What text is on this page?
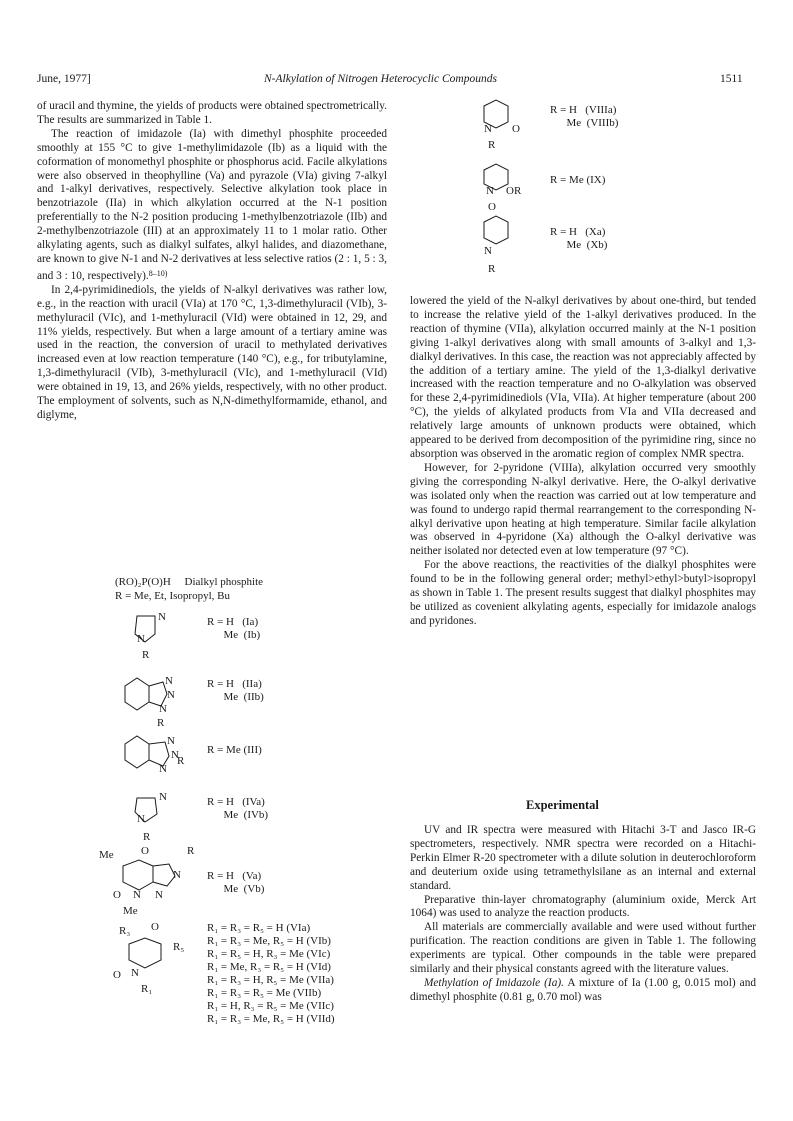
June, 1977]	N-Alkylation of Nitrogen Heterocyclic Compounds	1511

of uracil and thymine, the yields of products were obtained spectrometrically. The results are summarized in Table 1.

The reaction of imidazole (Ia) with dimethyl phosphite proceeded smoothly at 155 °C to give 1-methylimidazole (Ib) as a liquid with the coformation of monomethyl phosphite or phosphorus acid. Facile alkylations were also observed in theophylline (Va) and pyrazole (VIa) giving 7-alkyl and 1-alkyl derivatives, respectively. Selective alkylation took place in benzotriazole (IIa) in which alkylation occurred at the N-1 position preferentially to the N-2 position producing 1-methylbenzotriazole (IIb) and 2-methylbenzotriazole (III) at an approximately 11 to 1 molar ratio. Other alkylating agents, such as dialkyl sulfates, alkyl halides, and diazomethane, are known to give N-1 and N-2 derivatives at less selective ratios (2 : 1, 5 : 3, and 3 : 10, respectively).$^{8-10)}$

In 2,4-pyrimidinediols, the yields of N-alkyl derivatives was rather low, e.g., in the reaction with uracil (VIa) at 170 °C, 1,3-dimethyluracil (VIb), 3-methyluracil (VIc), and 1-methyluracil (VId) were obtained in 12, 29, and 11% yields, respectively. But when a large amount of a tertiary amine was used in the reaction, the conversion of uracil to methylated derivatives increased even at low reaction temperature (140 °C), e.g., for tributylamine, 1,3-dimethyluracil (VIb), 3-methyluracil (VIc), and 1-methyluracil (VId) were obtained in 19, 13, and 26% yields, respectively, with no other product. The employment of solvents, such as N,N-dimethylformamide, ethanol, and diglyme,

(RO)₂P(O)H     Dialkyl phosphite
R = Me, Et, Isopropyl, Bu
N
N
R
R = H   (Ia)
Me  (Ib)
N
N
N
R
R = H   (IIa)
Me  (IIb)
N
N
N
R
R = Me (III)
N
N
R
R = H   (IVa)
Me  (IVb)
Me O	R
O N N
N
Me
R = H   (Va)
Me  (Vb)
R₃ O
R₅
O N
R₁
R₁ = R₃ = R₅ = H (VIa)
R₁ = R₃ = Me, R₅ = H (VIb)
R₁ = R₅ = H, R₃ = Me (VIc)
R₁ = Me, R₃ = R₅ = H (VId)
R₁ = R₃ = H, R₅ = Me (VIIa)
R₁ = R₃ = R₅ = Me (VIIb)
R₁ = H, R₃ = R₅ = Me (VIIc)
R₁ = R₃ = Me, R₅ = H (VIId)
N O
R
R = H   (VIIIa)
Me  (VIIIb)
N OR
R = Me (IX)
O
N
R
R = H   (Xa)
Me  (Xb)

lowered the yield of the N-alkyl derivatives by about one-third, but tended to increase the relative yield of the 1-alkyl derivatives produced. In the reaction of thymine (VIIa), alkylation occurred mainly at the N-1 position giving 1-alkyl derivatives along with small amounts of 3-alkyl and 1,3-dialkyl derivatives. In this case, the reaction was not appreciably affected by the addition of a tertiary amine. The yield of the 1,3-dialkyl derivative increased with the reaction temperature and no O-alkylation was observed for these 2,4-pyrimidinediols (VIa, VIIa). At higher temperature (about 200 °C), the yields of alkylated products from VIa and VIIa decreased and relatively large amounts of unknown products were obtained, which appeared to be derived from decomposition of the pyrimidine ring, since no absorption was observed in the aromatic region of complex NMR spectra.

However, for 2-pyridone (VIIIa), alkylation occurred very smoothly giving the corresponding N-alkyl derivative. Here, the O-alkyl derivative was isolated only when the reaction was carried out at low temperature and was found to undergo rapid thermal rearrangement to the corresponding N-alkyl derivative upon heating at high temperature. Similar facile alkylation was observed in 4-pyridone (Xa) although the O-alkyl derivative was neither isolated nor detected even at low temperature (97 °C).

For the above reactions, the reactivities of the dialkyl phosphites were found to be in the following general order; methyl>ethyl>butyl>isopropyl as shown in Table 1. The present results suggest that dialkyl phosphites may be utilized as covenient alkylating agents, especially for imidazole analogs and pyridones.

Experimental

UV and IR spectra were measured with Hitachi 3-T and Jasco IR-G spectrometers, respectively. NMR spectra were recorded on a Hitachi-Perkin Elmer R-20 spectrometer with a dilute solution in deuterochloroform and deuterium oxide using tetramethylsilane as an internal and external standard.

Preparative thin-layer chromatography (aluminium oxide, Merck Art 1064) was used to analyze the reaction products.

All materials are commercially available and were used without further purification. The reaction conditions are given in Table 1. The following experiments are typical. Other compounds in the table were prepared similarly and their physical constants agreed with the literature values.

Methylation of Imidazole (Ia). A mixture of Ia (1.00 g, 0.015 mol) and dimethyl phosphite (0.81 g, 0.70 mol) was
